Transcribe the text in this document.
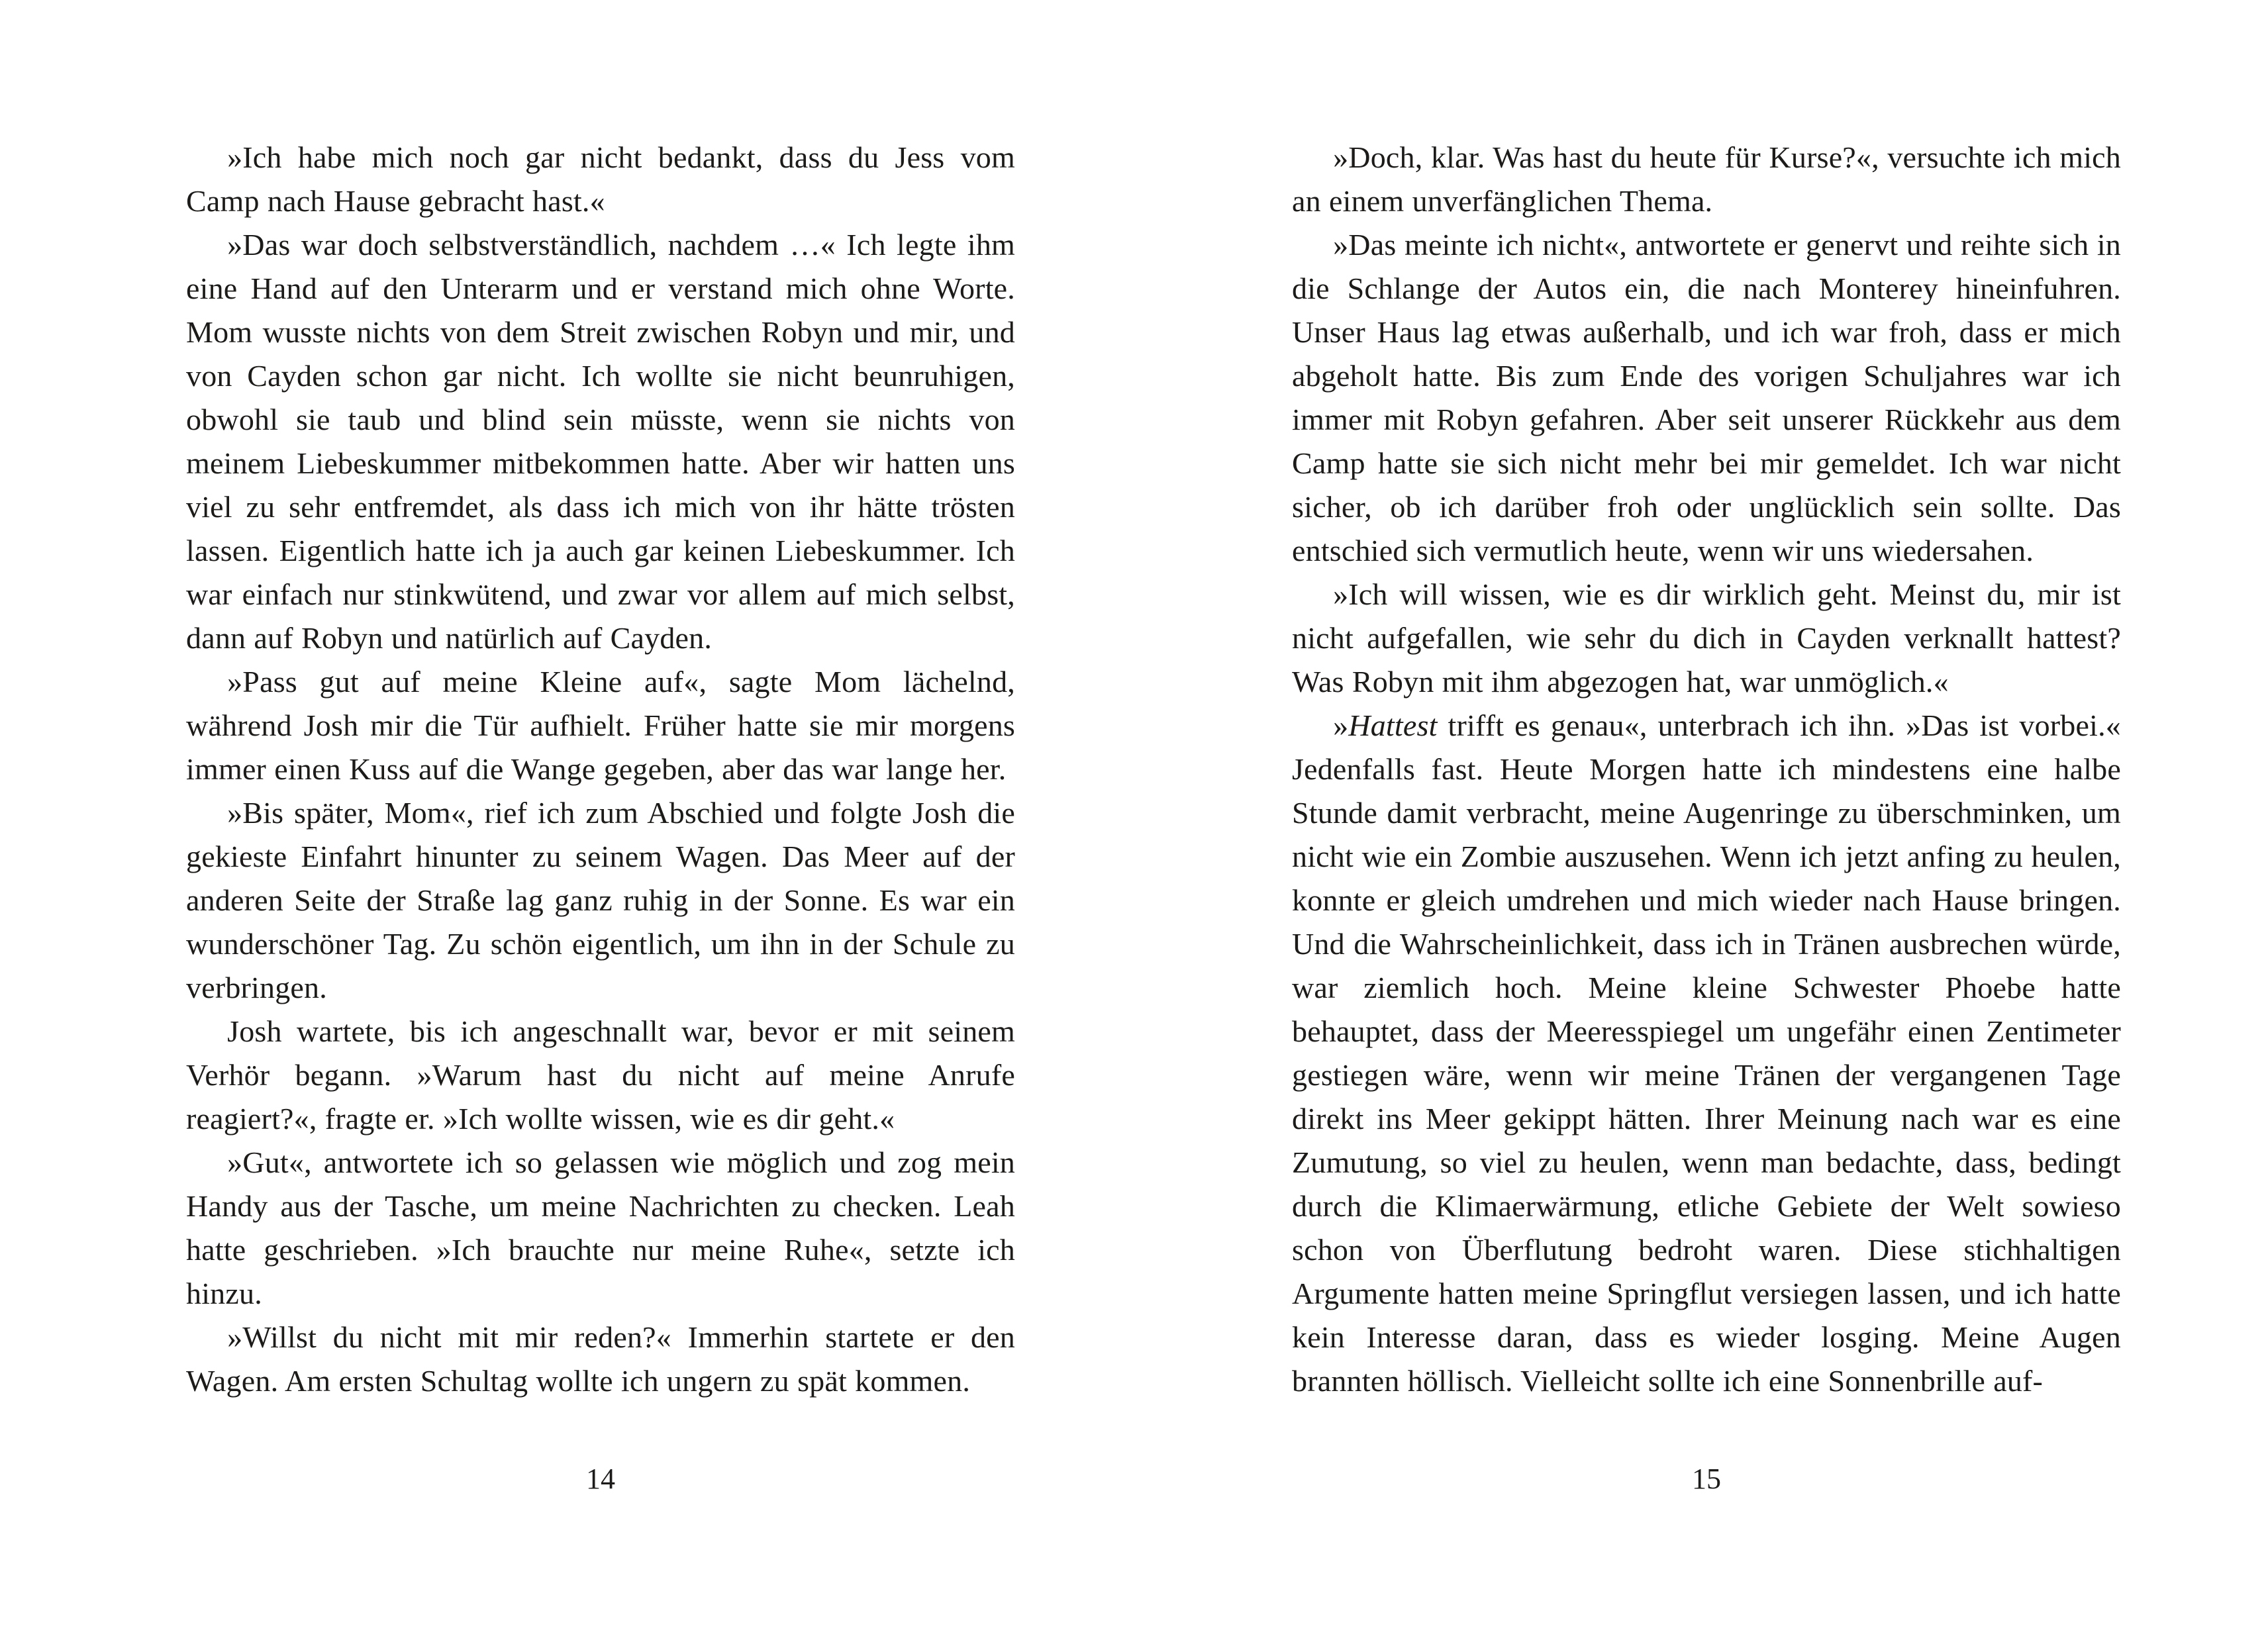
»Ich habe mich noch gar nicht bedankt, dass du Jess vom Camp nach Hause gebracht hast.«

»Das war doch selbstverständlich, nachdem …« Ich legte ihm eine Hand auf den Unterarm und er verstand mich ohne Worte. Mom wusste nichts von dem Streit zwischen Robyn und mir, und von Cayden schon gar nicht. Ich wollte sie nicht beunruhigen, obwohl sie taub und blind sein müsste, wenn sie nichts von meinem Liebeskummer mitbekommen hatte. Aber wir hatten uns viel zu sehr entfremdet, als dass ich mich von ihr hätte trösten lassen. Eigentlich hatte ich ja auch gar keinen Liebeskummer. Ich war einfach nur stinkwütend, und zwar vor allem auf mich selbst, dann auf Robyn und natürlich auf Cayden.

»Pass gut auf meine Kleine auf«, sagte Mom lächelnd, während Josh mir die Tür aufhielt. Früher hatte sie mir morgens immer einen Kuss auf die Wange gegeben, aber das war lange her.

»Bis später, Mom«, rief ich zum Abschied und folgte Josh die gekieste Einfahrt hinunter zu seinem Wagen. Das Meer auf der anderen Seite der Straße lag ganz ruhig in der Sonne. Es war ein wunderschöner Tag. Zu schön eigentlich, um ihn in der Schule zu verbringen.

Josh wartete, bis ich angeschnallt war, bevor er mit seinem Verhör begann. »Warum hast du nicht auf meine Anrufe reagiert?«, fragte er. »Ich wollte wissen, wie es dir geht.«

»Gut«, antwortete ich so gelassen wie möglich und zog mein Handy aus der Tasche, um meine Nachrichten zu checken. Leah hatte geschrieben. »Ich brauchte nur meine Ruhe«, setzte ich hinzu.

»Willst du nicht mit mir reden?« Immerhin startete er den Wagen. Am ersten Schultag wollte ich ungern zu spät kommen.

14

»Doch, klar. Was hast du heute für Kurse?«, versuchte ich mich an einem unverfänglichen Thema.

»Das meinte ich nicht«, antwortete er genervt und reihte sich in die Schlange der Autos ein, die nach Monterey hineinfuhren. Unser Haus lag etwas außerhalb, und ich war froh, dass er mich abgeholt hatte. Bis zum Ende des vorigen Schuljahres war ich immer mit Robyn gefahren. Aber seit unserer Rückkehr aus dem Camp hatte sie sich nicht mehr bei mir gemeldet. Ich war nicht sicher, ob ich darüber froh oder unglücklich sein sollte. Das entschied sich vermutlich heute, wenn wir uns wiedersahen.

»Ich will wissen, wie es dir wirklich geht. Meinst du, mir ist nicht aufgefallen, wie sehr du dich in Cayden verknallt hattest? Was Robyn mit ihm abgezogen hat, war unmöglich.«

»Hattest trifft es genau«, unterbrach ich ihn. »Das ist vorbei.« Jedenfalls fast. Heute Morgen hatte ich mindestens eine halbe Stunde damit verbracht, meine Augenringe zu überschminken, um nicht wie ein Zombie auszusehen. Wenn ich jetzt anfing zu heulen, konnte er gleich umdrehen und mich wieder nach Hause bringen. Und die Wahrscheinlichkeit, dass ich in Tränen ausbrechen würde, war ziemlich hoch. Meine kleine Schwester Phoebe hatte behauptet, dass der Meeresspiegel um ungefähr einen Zentimeter gestiegen wäre, wenn wir meine Tränen der vergangenen Tage direkt ins Meer gekippt hätten. Ihrer Meinung nach war es eine Zumutung, so viel zu heulen, wenn man bedachte, dass, bedingt durch die Klimaerwärmung, etliche Gebiete der Welt sowieso schon von Überflutung bedroht waren. Diese stichhaltigen Argumente hatten meine Springflut versiegen lassen, und ich hatte kein Interesse daran, dass es wieder losging. Meine Augen brannten höllisch. Vielleicht sollte ich eine Sonnenbrille auf-

15
